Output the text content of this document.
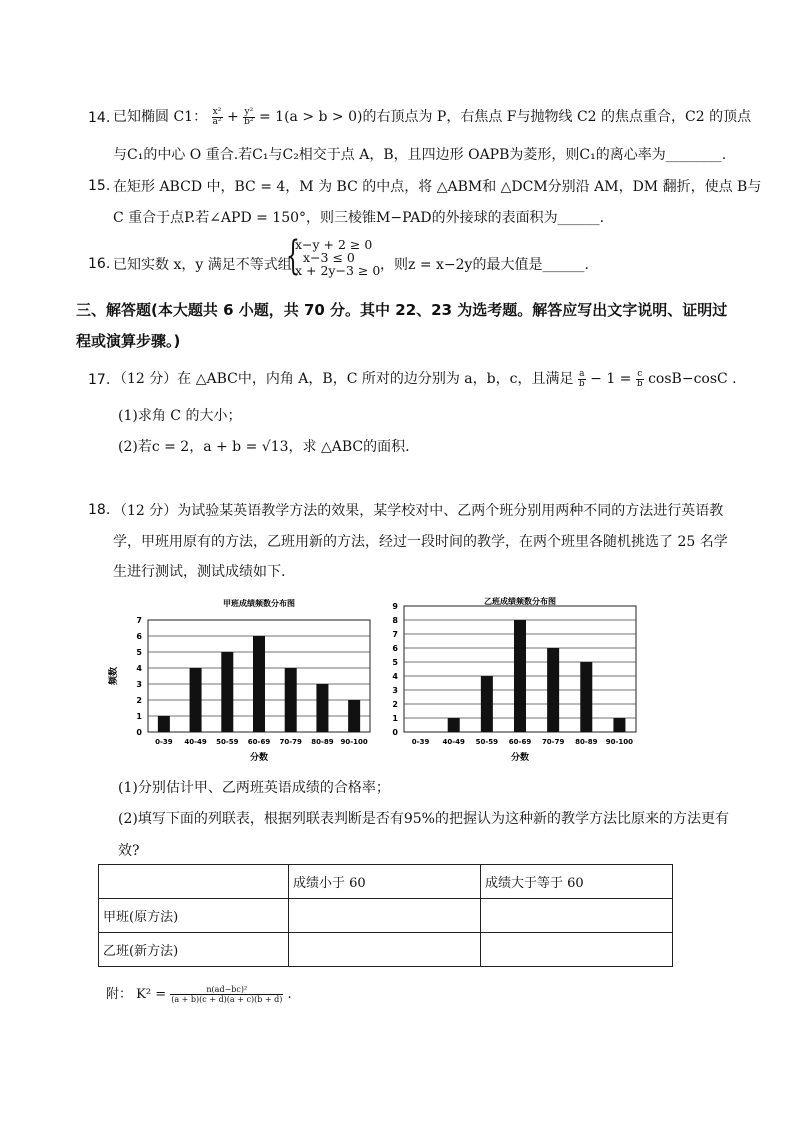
14. 已知椭圆 C1： $\frac{\text{x²}}{\text{a²}} + \frac{\text{y²}}{\text{b²}} = 1(a > b > 0)$的右顶点为 P，右焦点 F与抛物线 C2 的焦点重合，C2 的顶点
与C₁的中心 O 重合.若C₁与C₂相交于点 A，B，且四边形 OAPB为菱形，则C₁的离心率为________.
15. 在矩形 ABCD 中，BC = 4，M 为 BC 的中点，将 △ABM和 △DCM分别沿 AM，DM 翻折，使点 B与
C 重合于点P.若∠APD = 150°，则三棱锥M−PAD的外接球的表面积为______.
16. 已知实数 x，y 满足不等式组
{
x−y + 2 ≥ 0
x−3 ≤ 0
x + 2y−3 ≥ 0 ，则z = x−2y的最大值是______.
三、解答题(本大题共 6 小题，共 70 分。其中 22、23 为选考题。解答应写出文字说明、证明过
程或演算步骤。)
17. （12 分）在 △ABC中，内角 A，B，C 所对的边分别为 a，b，c，且满足 $\frac{a}{b} - 1 = \frac{c}{b} \cos B-\cos C$ .
(1)求角 C 的大小；
(2)若c = 2，a + b = √13，求 △ABC的面积.
18. （12 分）为试验某英语教学方法的效果，某学校对中、乙两个班分别用两种不同的方法进行英语教
学，甲班用原有的方法，乙班用新的方法，经过一段时间的教学，在两个班里各随机挑选了 25 名学
生进行测试，测试成绩如下.
0
1
2
3
4
5
6
7
0-39 40-49 50-59 60-69 70-79 80-89 90-100
甲班成绩频数分布图
分数
频数
0
1
2
3
4
5
6
7
8
9
0-39 40-49 50-59 60-69 70-79 80-89 90-100
乙班成绩频数分布图
分数
(1)分别估计甲、乙两班英语成绩的合格率；
(2)填写下面的列联表，根据列联表判断是否有95%的把握认为这种新的教学方法比原来的方法更有
效?
	成绩小于 60	成绩大于等于 60
甲班(原方法)		
乙班(新方法)		
附： $K^2 = \frac{\text{n(ad−bc)²}}{(a + b)(c + d)(a + c)(b + d)}$ .
